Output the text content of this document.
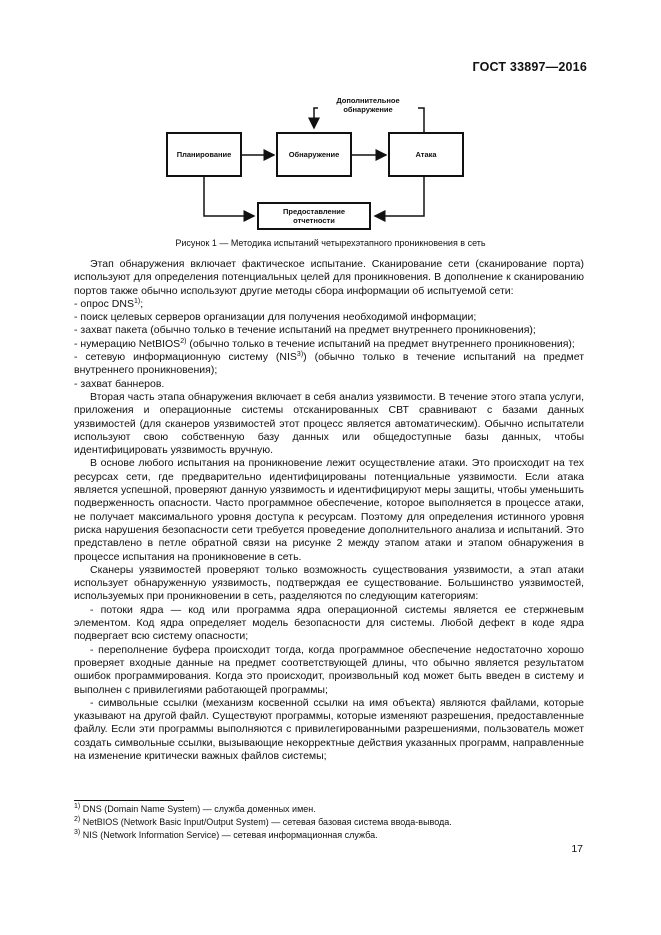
ГОСТ 33897—2016
Планирование	Обнаружение	Атака
Предоставление
отчетности
Дополнительное
обнаружение
Рисунок 1 — Методика испытаний четырехэтапного проникновения в сеть

Этап обнаружения включает фактическое испытание. Сканирование сети (сканирование порта) используют для определения потенциальных целей для проникновения. В дополнение к сканированию портов также обычно используют другие методы сбора информации об испытуемой сети:

- опрос DNS$^{1)}$;

- поиск целевых серверов организации для получения необходимой информации;

- захват пакета (обычно только в течение испытаний на предмет внутреннего проникновения);

- нумерацию NetBIOS$^{2)}$ (обычно только в течение испытаний на предмет внутреннего проникновения);

- сетевую информационную систему (NIS$^{3)}$) (обычно только в течение испытаний на предмет внутреннего проникновения);

- захват баннеров.

Вторая часть этапа обнаружения включает в себя анализ уязвимости. В течение этого этапа услуги, приложения и операционные системы отсканированных СВТ сравнивают с базами данных уязвимостей (для сканеров уязвимостей этот процесс является автоматическим). Обычно испытатели используют свою собственную базу данных или общедоступные базы данных, чтобы идентифицировать уязвимость вручную.

В основе любого испытания на проникновение лежит осуществление атаки. Это происходит на тех ресурсах сети, где предварительно идентифицированы потенциальные уязвимости. Если атака является успешной, проверяют данную уязвимость и идентифицируют меры защиты, чтобы уменьшить подверженность опасности. Часто программное обеспечение, которое выполняется в процессе атаки, не получает максимального уровня доступа к ресурсам. Поэтому для определения истинного уровня риска нарушения безопасности сети требуется проведение дополнительного анализа и испытаний. Это представлено в петле обратной связи на рисунке 2 между этапом атаки и этапом обнаружения в процессе испытания на проникновение в сеть.

Сканеры уязвимостей проверяют только возможность существования уязвимости, а этап атаки использует обнаруженную уязвимость, подтверждая ее существование. Большинство уязвимостей, используемых при проникновении в сеть, разделяются по следующим категориям:

- потоки ядра — код или программа ядра операционной системы является ее стержневым элементом. Код ядра определяет модель безопасности для системы. Любой дефект в коде ядра подвергает всю систему опасности;

- переполнение буфера происходит тогда, когда программное обеспечение недостаточно хорошо проверяет входные данные на предмет соответствующей длины, что обычно является результатом ошибок программирования. Когда это происходит, произвольный код может быть введен в систему и выполнен с привилегиями работающей программы;

- символьные ссылки (механизм косвенной ссылки на имя объекта) являются файлами, которые указывают на другой файл. Существуют программы, которые изменяют разрешения, предоставленные файлу. Если эти программы выполняются с привилегированными разрешениями, пользователь может создать символьные ссылки, вызывающие некорректные действия указанных программ, направленные на изменение критически важных файлов системы;

$^{1)}$ DNS (Domain Name System) — служба доменных имен.
$^{2)}$ NetBIOS (Network Basic Input/Output System) — сетевая базовая система ввода-вывода.
$^{3)}$ NIS (Network Information Service) — сетевая информационная служба.
17
